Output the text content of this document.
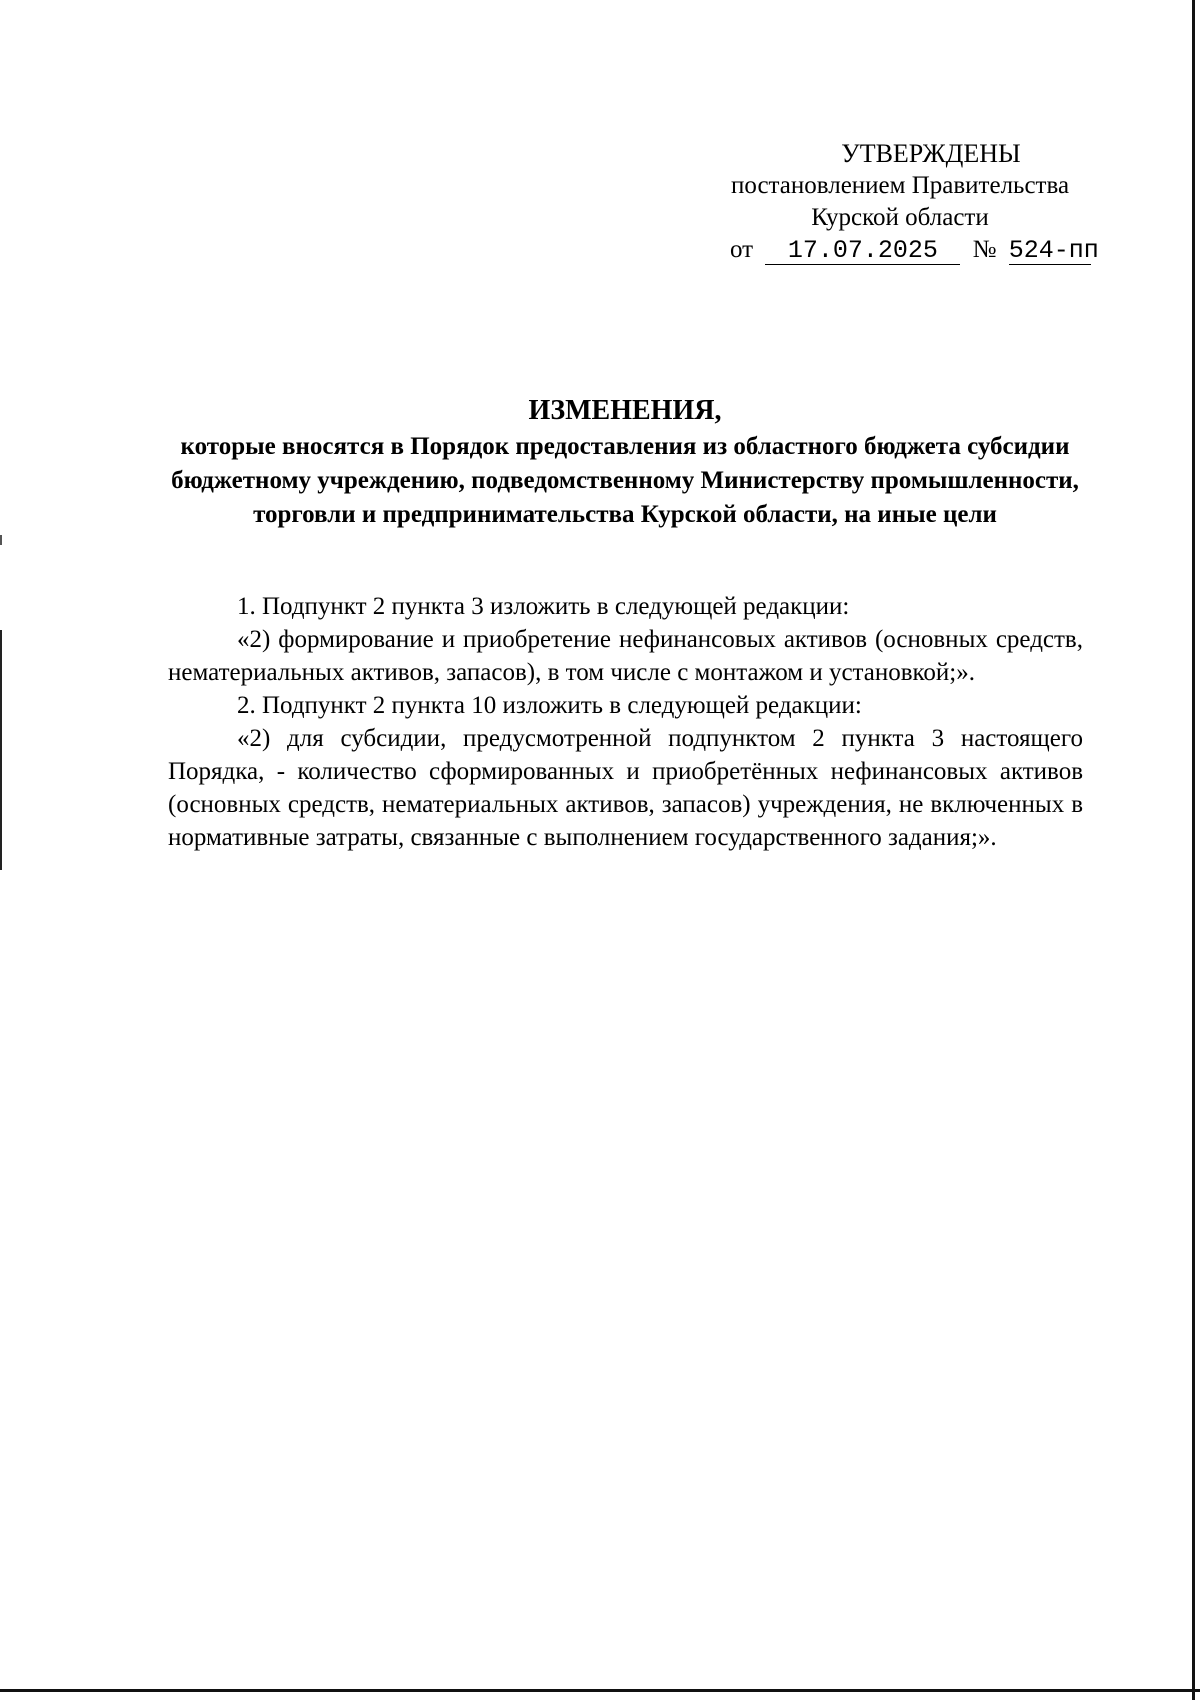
УТВЕРЖДЕНЫ
постановлением Правительства
Курской области
от 17.07.2025 № 524-пп
ИЗМЕНЕНИЯ,
которые вносятся в Порядок предоставления из областного бюджета субсидии бюджетному учреждению, подведомственному Министерству промышленности, торговли и предпринимательства Курской области, на иные цели

1. Подпункт 2 пункта 3 изложить в следующей редакции:

«2) формирование и приобретение нефинансовых активов (основных средств, нематериальных активов, запасов), в том числе с монтажом и установкой;».

2. Подпункт 2 пункта 10 изложить в следующей редакции:

«2) для субсидии, предусмотренной подпунктом 2 пункта 3 настоящего Порядка, - количество сформированных и приобретённых нефинансовых активов (основных средств, нематериальных активов, запасов) учреждения, не включенных в нормативные затраты, связанные с выполнением государственного задания;».
